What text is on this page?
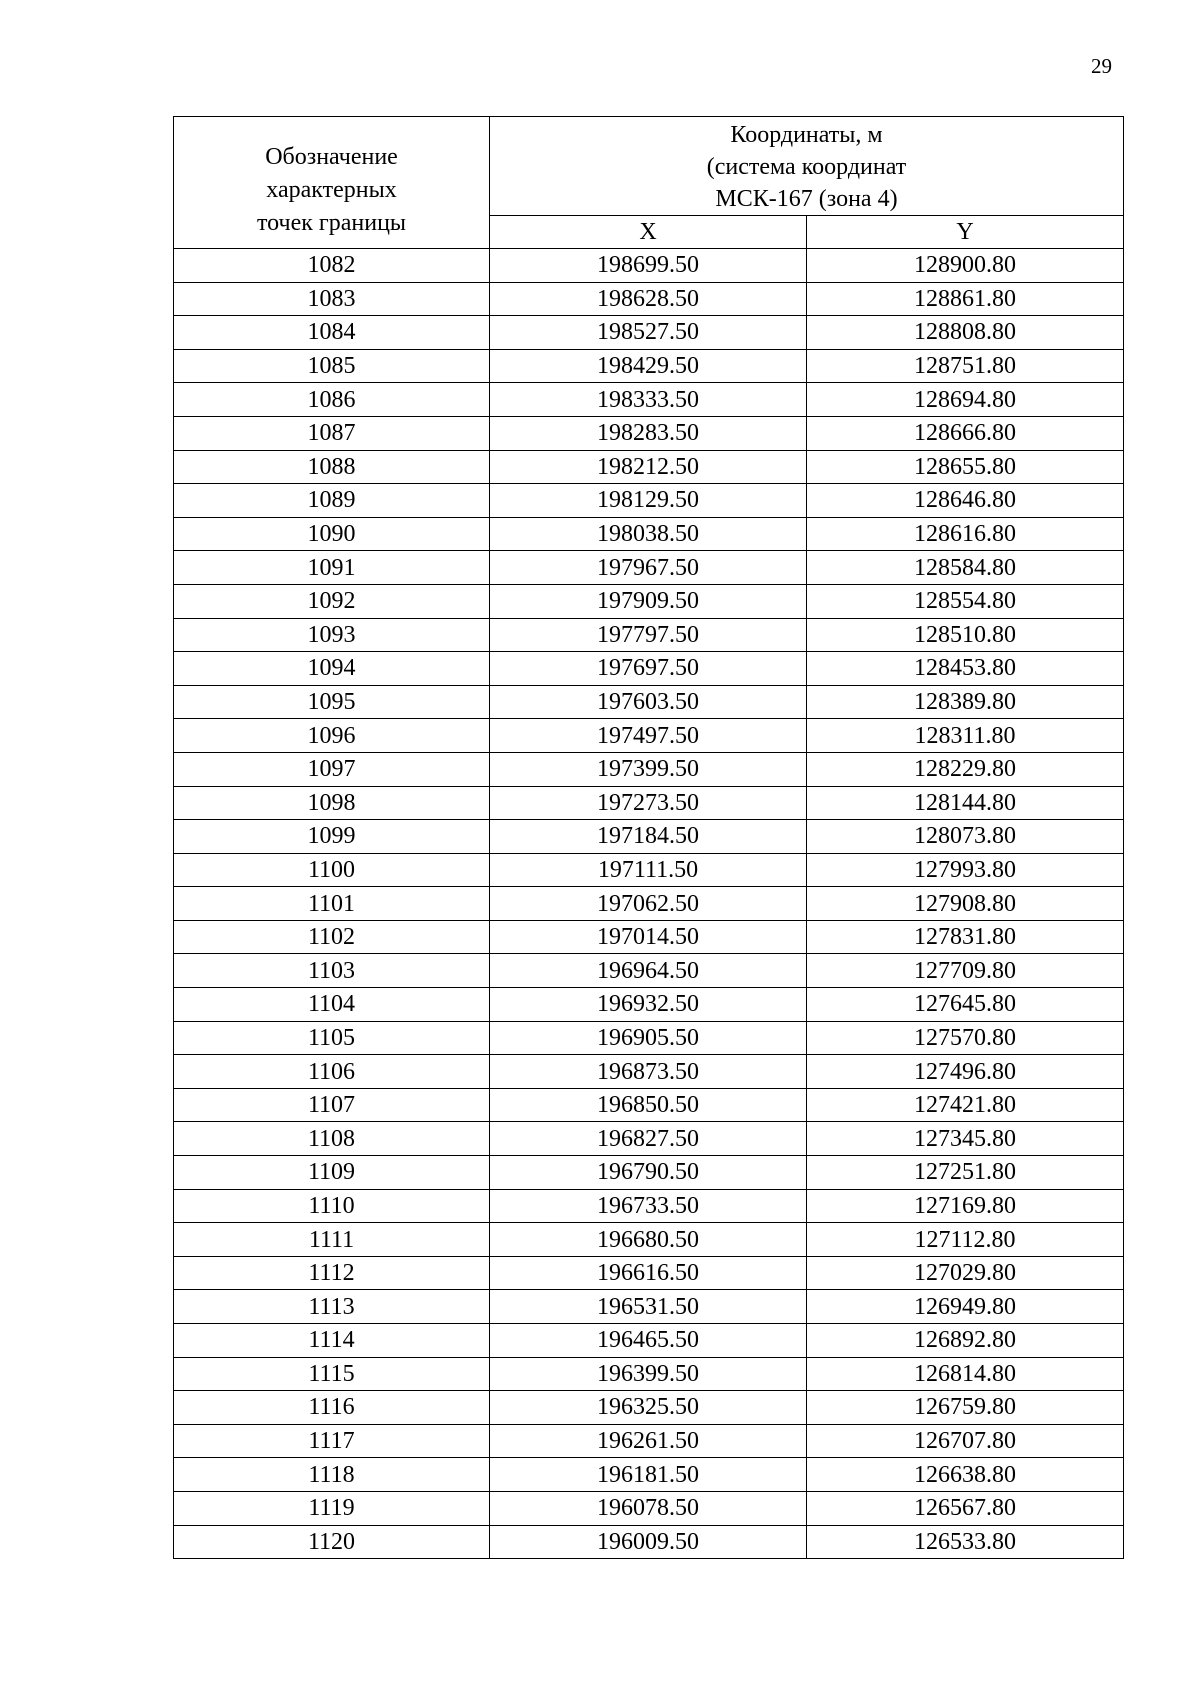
29
Обозначение
характерных
точек границы	Координаты, м
(система координат
МСК-167 (зона 4)	

	X	Y
1082	198699.50	128900.80
1083	198628.50	128861.80
1084	198527.50	128808.80
1085	198429.50	128751.80
1086	198333.50	128694.80
1087	198283.50	128666.80
1088	198212.50	128655.80
1089	198129.50	128646.80
1090	198038.50	128616.80
1091	197967.50	128584.80
1092	197909.50	128554.80
1093	197797.50	128510.80
1094	197697.50	128453.80
1095	197603.50	128389.80
1096	197497.50	128311.80
1097	197399.50	128229.80
1098	197273.50	128144.80
1099	197184.50	128073.80
1100	197111.50	127993.80
1101	197062.50	127908.80
1102	197014.50	127831.80
1103	196964.50	127709.80
1104	196932.50	127645.80
1105	196905.50	127570.80
1106	196873.50	127496.80
1107	196850.50	127421.80
1108	196827.50	127345.80
1109	196790.50	127251.80
1110	196733.50	127169.80
1111	196680.50	127112.80
1112	196616.50	127029.80
1113	196531.50	126949.80
1114	196465.50	126892.80
1115	196399.50	126814.80
1116	196325.50	126759.80
1117	196261.50	126707.80
1118	196181.50	126638.80
1119	196078.50	126567.80
1120	196009.50	126533.80
